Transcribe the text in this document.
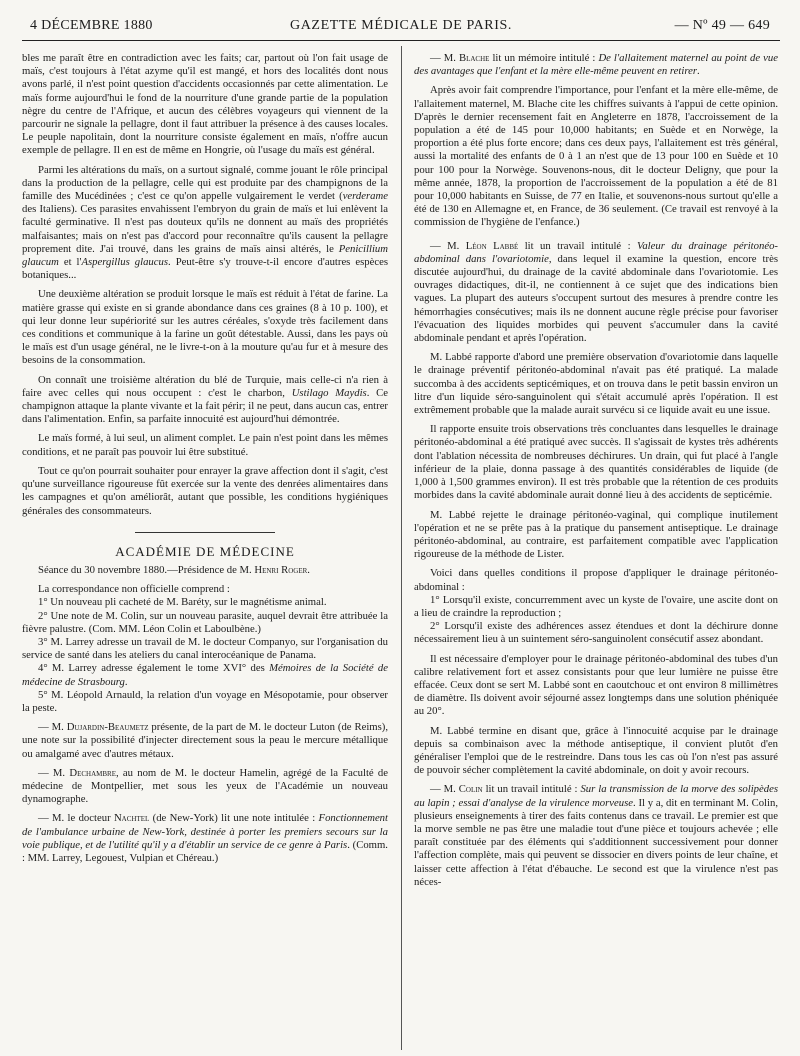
4 DÉCEMBRE 1880	GAZETTE MÉDICALE DE PARIS.	— Nº 49 — 649

bles me paraît être en contradiction avec les faits; car, partout où l'on fait usage de maïs, c'est toujours à l'état azyme qu'il est mangé, et hors des localités dont nous avons parlé, il n'est point question d'accidents occasionnés par cette alimentation. Le maïs forme aujourd'hui le fond de la nourriture d'une grande partie de la population nègre du centre de l'Afrique, et aucun des célèbres voyageurs qui viennent de la parcourir ne signale la pellagre, dont il faut attribuer la présence à des causes locales. Le peuple napolitain, dont la nourriture consiste également en maïs, n'offre aucun exemple de pellagre. Il en est de même en Hongrie, où l'usage du maïs est général.

Parmi les altérations du maïs, on a surtout signalé, comme jouant le rôle principal dans la production de la pellagre, celle qui est produite par des champignons de la famille des Mucédinées ; c'est ce qu'on appelle vulgairement le verdet (verderame des Italiens). Ces parasites envahissent l'embryon du grain de maïs et lui enlèvent la faculté germinative. Il n'est pas douteux qu'ils ne donnent au maïs des propriétés malfaisantes; mais on n'est pas d'accord pour reconnaître qu'ils causent la pellagre proprement dite. J'ai trouvé, dans les grains de maïs ainsi altérés, le Penicillium glaucum et l'Aspergillus glaucus. Peut-être s'y trouve-t-il encore d'autres espèces botaniques...

Une deuxième altération se produit lorsque le maïs est réduit à l'état de farine. La matière grasse qui existe en si grande abondance dans ces graines (8 à 10 p. 100), et qui leur donne leur supériorité sur les autres céréales, s'oxyde très facilement dans ces conditions et communique à la farine un goût détestable. Aussi, dans les pays où le maïs est d'un usage général, ne le livre-t-on à la mouture qu'au fur et à mesure des besoins de la consommation.

On connaît une troisième altération du blé de Turquie, mais celle-ci n'a rien à faire avec celles qui nous occupent : c'est le charbon, Ustilago Maydis. Ce champignon attaque la plante vivante et la fait périr; il ne peut, dans aucun cas, entrer dans l'alimentation. Enfin, sa parfaite innocuité est aujourd'hui démontrée.

Le maïs formé, à lui seul, un aliment complet. Le pain n'est point dans les mêmes conditions, et ne paraît pas pouvoir lui être substitué.

Tout ce qu'on pourrait souhaiter pour enrayer la grave affection dont il s'agit, c'est qu'une surveillance rigoureuse fût exercée sur la vente des denrées alimentaires dans les campagnes et qu'on améliorât, autant que possible, les conditions hygiéniques générales des consommateurs.

ACADÉMIE DE MÉDECINE

Séance du 30 novembre 1880.—Présidence de M. Henri Roger.

La correspondance non officielle comprend :

1° Un nouveau pli cacheté de M. Baréty, sur le magnétisme animal.

2° Une note de M. Colin, sur un nouveau parasite, auquel devrait être attribuée la fièvre palustre. (Com. MM. Léon Colin et Laboulbène.)

3° M. Larrey adresse un travail de M. le docteur Companyo, sur l'organisation du service de santé dans les ateliers du canal interocéanique de Panama.

4° M. Larrey adresse également le tome XVI° des Mémoires de la Société de médecine de Strasbourg.

5° M. Léopold Arnauld, la relation d'un voyage en Mésopotamie, pour observer la peste.

— M. Dujardin-Beaumetz présente, de la part de M. le docteur Luton (de Reims), une note sur la possibilité d'injecter directement sous la peau le mercure métallique ou amalgamé avec d'autres métaux.

— M. Dechambre, au nom de M. le docteur Hamelin, agrégé de la Faculté de médecine de Montpellier, met sous les yeux de l'Académie un nouveau dynamographe.

— M. le docteur Nachtel (de New-York) lit une note intitulée : Fonctionnement de l'ambulance urbaine de New-York, destinée à porter les premiers secours sur la voie publique, et de l'utilité qu'il y a d'établir un service de ce genre à Paris. (Comm. : MM. Larrey, Legouest, Vulpian et Chéreau.)

— M. Blache lit un mémoire intitulé : De l'allaitement maternel au point de vue des avantages que l'enfant et la mère elle-même peuvent en retirer.

Après avoir fait comprendre l'importance, pour l'enfant et la mère elle-même, de l'allaitement maternel, M. Blache cite les chiffres suivants à l'appui de cette opinion. D'après le dernier recensement fait en Angleterre en 1878, l'accroissement de la population a été de 145 pour 10,000 habitants; en Suède et en Norwège, la proportion a été plus forte encore; dans ces deux pays, l'allaitement est très général, aussi la mortalité des enfants de 0 à 1 an n'est que de 13 pour 100 en Suède et 10 pour 100 pour la Norwège. Souvenons-nous, dit le docteur Deligny, que pour la même année, 1878, la proportion de l'accroissement de la population a été de 81 pour 10,000 habitants en Suisse, de 77 en Italie, et souvenons-nous surtout qu'elle a été de 130 en Allemagne et, en France, de 36 seulement. (Ce travail est renvoyé à la commission de l'hygiène de l'enfance.)

— M. Léon Labbé lit un travail intitulé : Valeur du drainage péritonéo-abdominal dans l'ovariotomie, dans lequel il examine la question, encore très discutée aujourd'hui, du drainage de la cavité abdominale dans l'ovariotomie. Les ouvrages didactiques, dit-il, ne contiennent à ce sujet que des indications bien vagues. La plupart des auteurs s'occupent surtout des mesures à prendre contre les hémorrhagies consécutives; mais ils ne donnent aucune règle précise pour favoriser l'évacuation des liquides morbides qui peuvent s'accumuler dans la cavité abdominale pendant et après l'opération.

M. Labbé rapporte d'abord une première observation d'ovariotomie dans laquelle le drainage préventif péritonéo-abdominal n'avait pas été pratiqué. La malade succomba à des accidents septicémiques, et on trouva dans le petit bassin environ un litre d'un liquide séro-sanguinolent qui s'était accumulé après l'opération. Il est extrêmement probable que la malade aurait survécu si ce liquide avait eu une issue.

Il rapporte ensuite trois observations très concluantes dans lesquelles le drainage péritonéo-abdominal a été pratiqué avec succès. Il s'agissait de kystes très adhérents dont l'ablation nécessita de nombreuses déchirures. Un drain, qui fut placé à l'angle inférieur de la plaie, donna passage à des quantités considérables de liquide (de 1,000 à 1,500 grammes environ). Il est très probable que la rétention de ces produits morbides dans la cavité abdominale aurait donné lieu à des accidents de septicémie.

M. Labbé rejette le drainage péritonéo-vaginal, qui complique inutilement l'opération et ne se prête pas à la pratique du pansement antiseptique. Le drainage péritonéo-abdominal, au contraire, est parfaitement compatible avec l'application rigoureuse de la méthode de Lister.

Voici dans quelles conditions il propose d'appliquer le drainage péritonéo-abdominal :

1° Lorsqu'il existe, concurremment avec un kyste de l'ovaire, une ascite dont on a lieu de craindre la reproduction ;

2° Lorsqu'il existe des adhérences assez étendues et dont la déchirure donne nécessairement lieu à un suintement séro-sanguinolent consécutif assez abondant.

Il est nécessaire d'employer pour le drainage péritonéo-abdominal des tubes d'un calibre relativement fort et assez consistants pour que leur lumière ne puisse être effacée. Ceux dont se sert M. Labbé sont en caoutchouc et ont environ 8 millimètres de diamètre. Ils doivent avoir séjourné assez longtemps dans une solution phéniquée au 20°.

M. Labbé termine en disant que, grâce à l'innocuité acquise par le drainage depuis sa combinaison avec la méthode antiseptique, il convient plutôt d'en généraliser l'emploi que de le restreindre. Dans tous les cas où l'on n'est pas assuré de pouvoir sécher complètement la cavité abdominale, on doit y avoir recours.

— M. Colin lit un travail intitulé : Sur la transmission de la morve des solipèdes au lapin ; essai d'analyse de la virulence morveuse. Il y a, dit en terminant M. Colin, plusieurs enseignements à tirer des faits contenus dans ce travail. Le premier est que la morve semble ne pas être une maladie tout d'une pièce et toujours achevée ; elle paraît constituée par des éléments qui s'additionnent successivement pour donner l'affection complète, mais qui peuvent se dissocier en divers points de leur chaîne, et laisser cette affection à l'état d'ébauche. Le second est que la virulence n'est pas néces-
